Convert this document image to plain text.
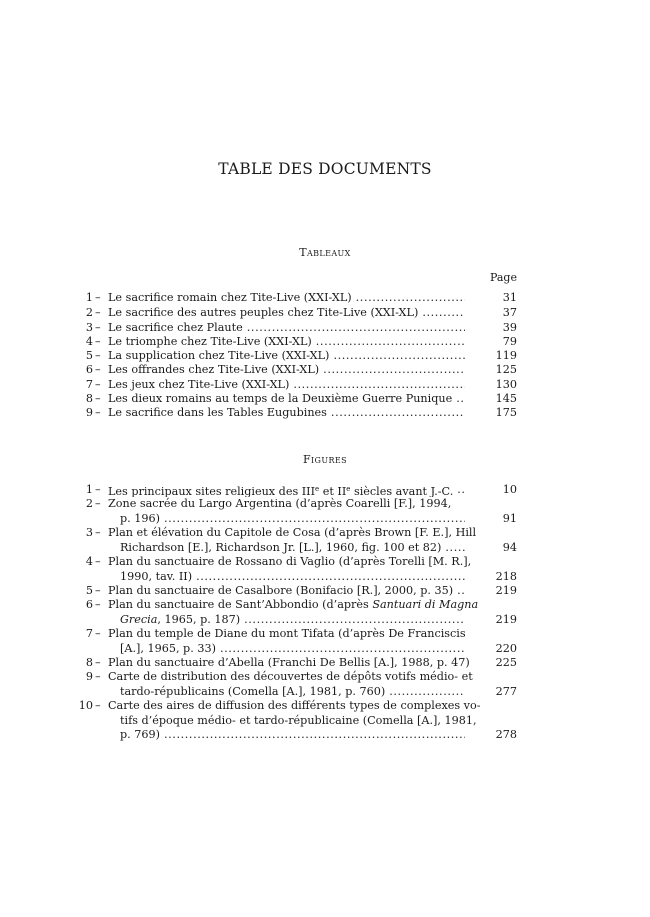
TABLE DES DOCUMENTS
Tableaux
Page
1 – Le sacrifice romain chez Tite-Live (XXI-XL) .....	31
2 – Le sacrifice des autres peuples chez Tite-Live (XXI-XL) .....	37
3 – Le sacrifice chez Plaute .....	39
4 – Le triomphe chez Tite-Live (XXI-XL) .....	79
5 – La supplication chez Tite-Live (XXI-XL) .....	119
6 – Les offrandes chez Tite-Live (XXI-XL) .....	125
7 – Les jeux chez Tite-Live (XXI-XL) .....	130
8 – Les dieux romains au temps de la Deuxième Guerre Punique .....	145
9 – Le sacrifice dans les Tables Eugubines .....	175
Figures
1 – Les principaux sites religieux des IIIe et IIe siècles avant J.-C. .....	10
2 – Zone sacrée du Largo Argentina (d’après Coarelli [F.], 1994,
p. 196) .....	91
3 – Plan et élévation du Capitole de Cosa (d’après Brown [F. E.], Hill
Richardson [E.], Richardson Jr. [L.], 1960, fig. 100 et 82) .....	94
4 – Plan du sanctuaire de Rossano di Vaglio (d’après Torelli [M. R.],
1990, tav. II) .....	218
5 – Plan du sanctuaire de Casalbore (Bonifacio [R.], 2000, p. 35) .....	219
6 – Plan du sanctuaire de Sant’Abbondio (d’après Santuari di Magna
Grecia, 1965, p. 187) .....	219
7 – Plan du temple de Diane du mont Tifata (d’après De Franciscis
[A.], 1965, p. 33) .....	220
8 – Plan du sanctuaire d’Abella (Franchi De Bellis [A.], 1988, p. 47) 225
9 – Carte de distribution des découvertes de dépôts votifs médio- et
tardo-républicains (Comella [A.], 1981, p. 760) .....	277
10 – Carte des aires de diffusion des différents types de complexes vo-
tifs d’époque médio- et tardo-républicaine (Comella [A.], 1981,
p. 769) .....	278
